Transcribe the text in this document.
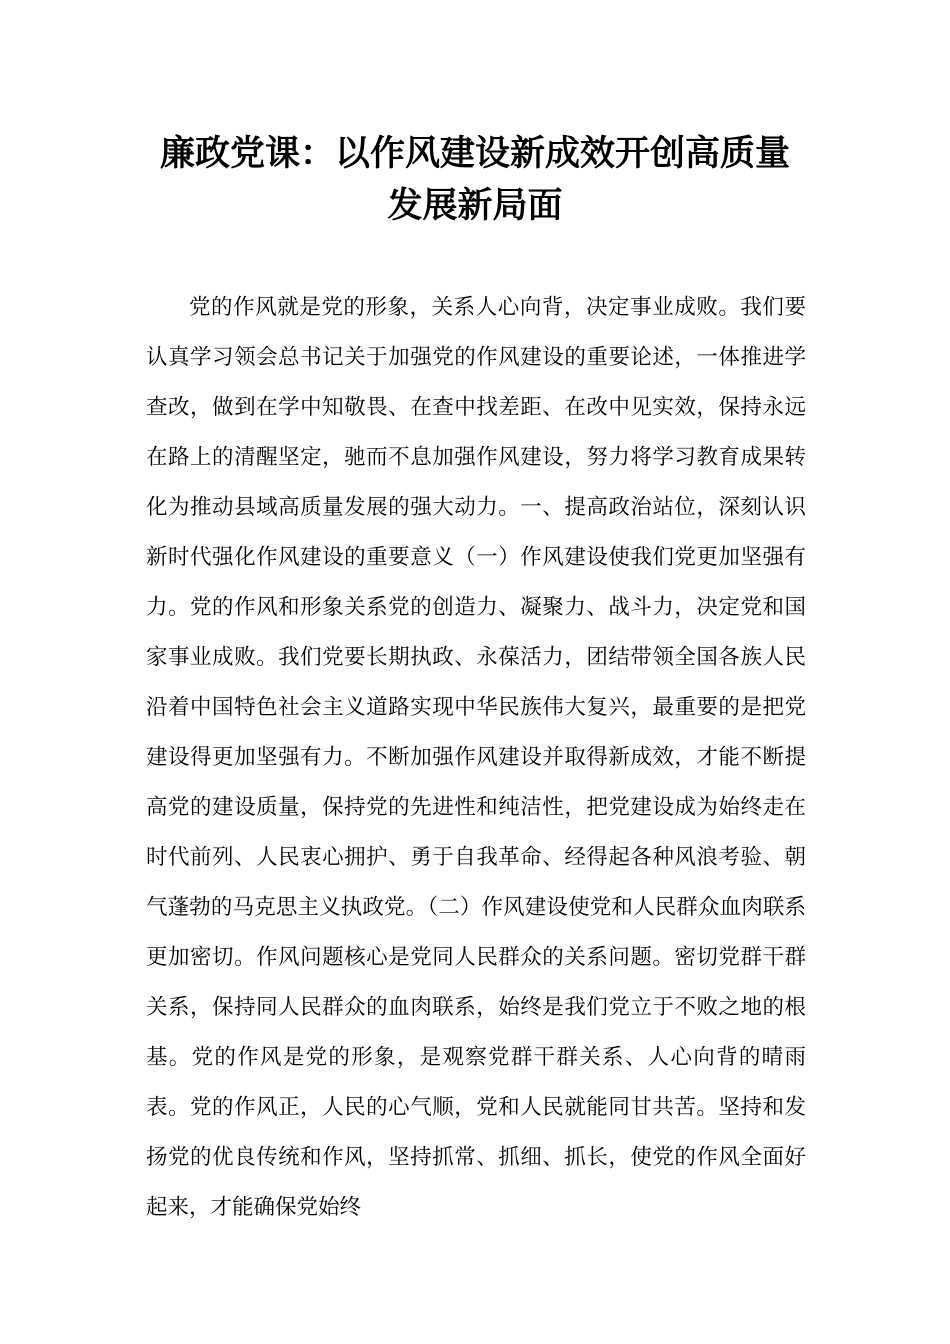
廉政党课：以作风建设新成效开创高质量
发展新局面

党的作风就是党的形象，关系人心向背，决定事业成败。我们要认真学习领会总书记关于加强党的作风建设的重要论述，一体推进学查改，做到在学中知敬畏、在查中找差距、在改中见实效，保持永远在路上的清醒坚定，驰而不息加强作风建设，努力将学习教育成果转化为推动县域高质量发展的强大动力。一、提高政治站位，深刻认识新时代强化作风建设的重要意义（一）作风建设使我们党更加坚强有力。党的作风和形象关系党的创造力、凝聚力、战斗力，决定党和国家事业成败。我们党要长期执政、永葆活力，团结带领全国各族人民沿着中国特色社会主义道路实现中华民族伟大复兴，最重要的是把党建设得更加坚强有力。不断加强作风建设并取得新成效，才能不断提高党的建设质量，保持党的先进性和纯洁性，把党建设成为始终走在时代前列、人民衷心拥护、勇于自我革命、经得起各种风浪考验、朝气蓬勃的马克思主义执政党。（二）作风建设使党和人民群众血肉联系更加密切。作风问题核心是党同人民群众的关系问题。密切党群干群关系，保持同人民群众的血肉联系，始终是我们党立于不败之地的根基。党的作风是党的形象，是观察党群干群关系、人心向背的晴雨表。党的作风正，人民的心气顺，党和人民就能同甘共苦。坚持和发扬党的优良传统和作风，坚持抓常、抓细、抓长，使党的作风全面好起来，才能确保党始终
